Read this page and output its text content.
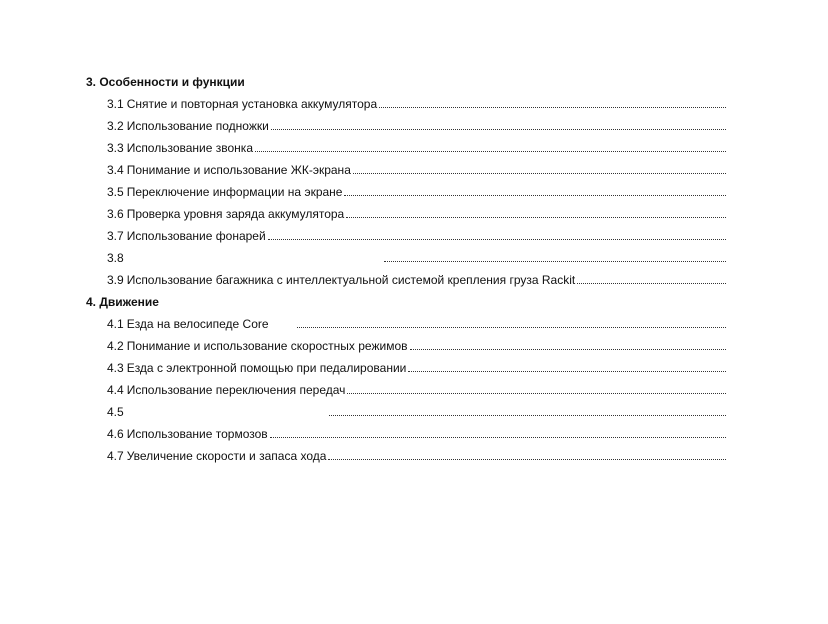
3. Особенности и функции
3.1 Снятие и повторная установка аккумулятора
3.2 Использование подножки
3.3 Использование звонка
3.4 Понимание и использование ЖК-экрана
3.5 Переключение информации на экране
3.6 Проверка уровня заряда аккумулятора
3.7 Использование фонарей
3.8
3.9 Использование багажника с интеллектуальной системой крепления груза Rackit
4. Движение
4.1 Езда на велосипеде Core
4.2 Понимание и использование скоростных режимов
4.3 Езда с электронной помощью при педалировании
4.4 Использование переключения передач
4.5
4.6 Использование тормозов
4.7 Увеличение скорости и запаса хода
